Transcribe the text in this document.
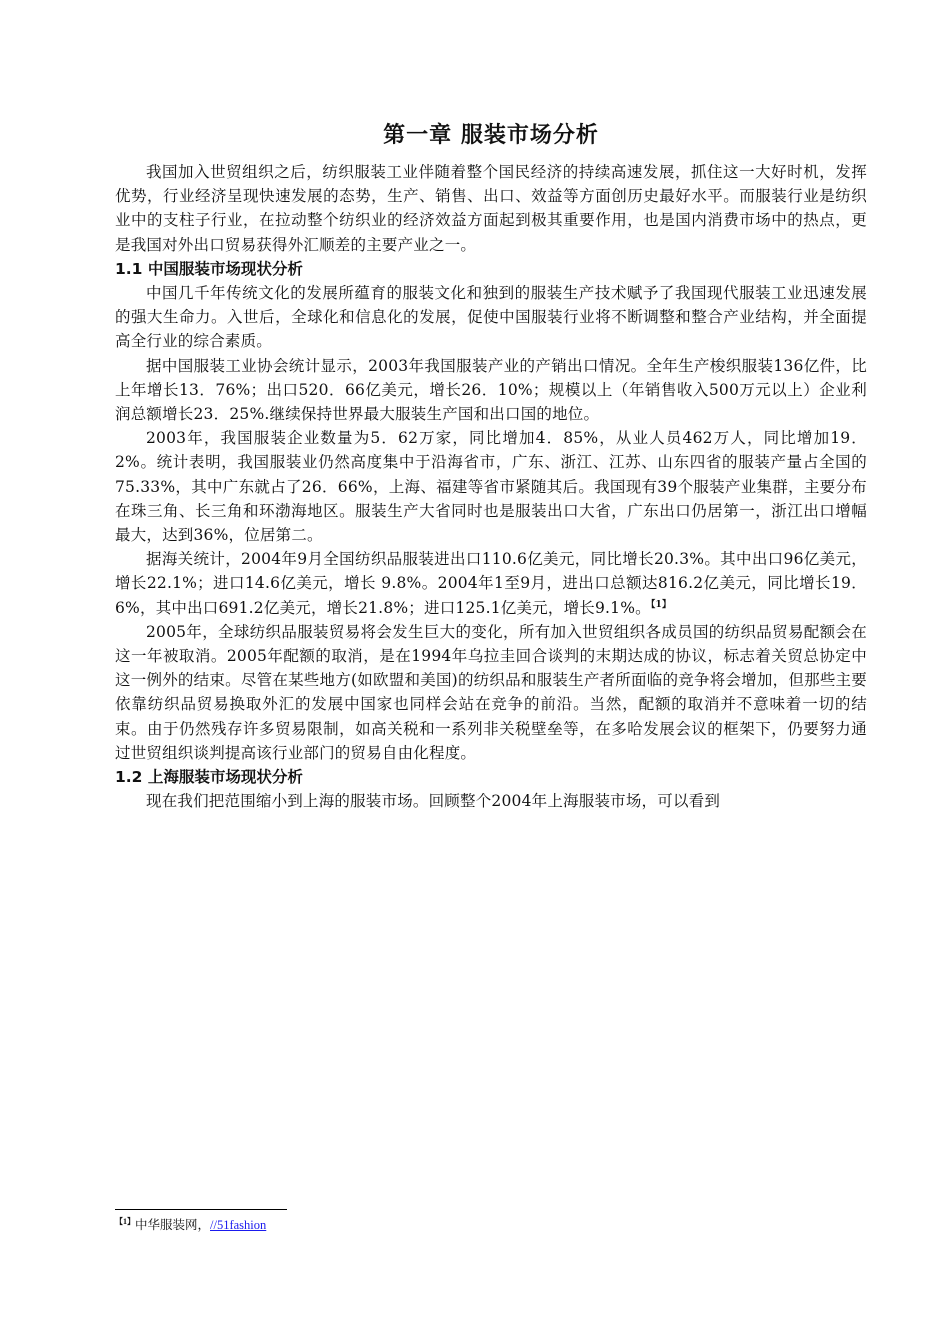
第一章 服装市场分析

我国加入世贸组织之后，纺织服装工业伴随着整个国民经济的持续高速发展，抓住这一大好时机，发挥优势，行业经济呈现快速发展的态势，生产、销售、出口、效益等方面创历史最好水平。而服装行业是纺织业中的支柱子行业，在拉动整个纺织业的经济效益方面起到极其重要作用，也是国内消费市场中的热点，更是我国对外出口贸易获得外汇顺差的主要产业之一。

1.1 中国服装市场现状分析

中国几千年传统文化的发展所蕴育的服装文化和独到的服装生产技术赋予了我国现代服装工业迅速发展的强大生命力。入世后，全球化和信息化的发展，促使中国服装行业将不断调整和整合产业结构，并全面提高全行业的综合素质。

据中国服装工业协会统计显示，2003年我国服装产业的产销出口情况。全年生产梭织服装136亿件，比上年增长13．76%；出口520．66亿美元，增长26．10%；规模以上（年销售收入500万元以上）企业利润总额增长23．25%.继续保持世界最大服装生产国和出口国的地位。

2003年，我国服装企业数量为5．62万家，同比增加4．85%，从业人员462万人，同比增加19．2%。统计表明，我国服装业仍然高度集中于沿海省市，广东、浙江、江苏、山东四省的服装产量占全国的75.33%，其中广东就占了26．66%，上海、福建等省市紧随其后。我国现有39个服装产业集群，主要分布在珠三角、长三角和环渤海地区。服装生产大省同时也是服装出口大省，广东出口仍居第一，浙江出口增幅最大，达到36%，位居第二。

据海关统计，2004年9月全国纺织品服装进出口110.6亿美元，同比增长20.3%。其中出口96亿美元，增长22.1%；进口14.6亿美元，增长 9.8%。2004年1至9月，进出口总额达816.2亿美元，同比增长19．6%，其中出口691.2亿美元，增长21.8%；进口125.1亿美元，增长9.1%。$^{【1】}$

2005年，全球纺织品服装贸易将会发生巨大的变化，所有加入世贸组织各成员国的纺织品贸易配额会在这一年被取消。2005年配额的取消，是在1994年乌拉圭回合谈判的末期达成的协议，标志着关贸总协定中这一例外的结束。尽管在某些地方(如欧盟和美国)的纺织品和服装生产者所面临的竞争将会增加，但那些主要依靠纺织品贸易换取外汇的发展中国家也同样会站在竞争的前沿。当然，配额的取消并不意味着一切的结束。由于仍然残存许多贸易限制，如高关税和一系列非关税壁垒等，在多哈发展会议的框架下，仍要努力通过世贸组织谈判提高该行业部门的贸易自由化程度。

1.2 上海服装市场现状分析

现在我们把范围缩小到上海的服装市场。回顾整个2004年上海服装市场，可以看到

$^{【1】}$中华服装网，//51fashion
